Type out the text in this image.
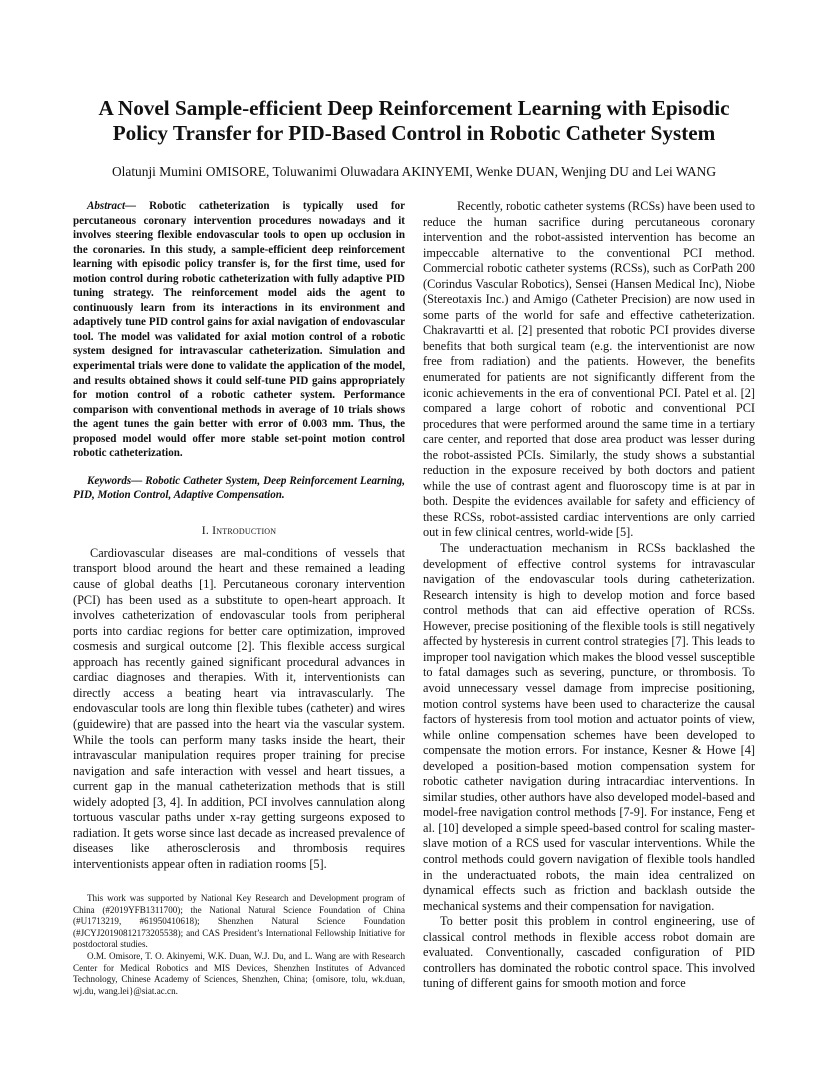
A Novel Sample-efficient Deep Reinforcement Learning with Episodic Policy Transfer for PID-Based Control in Robotic Catheter System
Olatunji Mumini OMISORE, Toluwanimi Oluwadara AKINYEMI, Wenke DUAN, Wenjing DU and Lei WANG

Abstract— Robotic catheterization is typically used for percutaneous coronary intervention procedures nowadays and it involves steering flexible endovascular tools to open up occlusion in the coronaries. In this study, a sample-efficient deep reinforcement learning with episodic policy transfer is, for the first time, used for motion control during robotic catheterization with fully adaptive PID tuning strategy. The reinforcement model aids the agent to continuously learn from its interactions in its environment and adaptively tune PID control gains for axial navigation of endovascular tool. The model was validated for axial motion control of a robotic system designed for intravascular catheterization. Simulation and experimental trials were done to validate the application of the model, and results obtained shows it could self-tune PID gains appropriately for motion control of a robotic catheter system. Performance comparison with conventional methods in average of 10 trials shows the agent tunes the gain better with error of 0.003 mm. Thus, the proposed model would offer more stable set-point motion control robotic catheterization.

Keywords— Robotic Catheter System, Deep Reinforcement Learning, PID, Motion Control, Adaptive Compensation.

I. Introduction

Cardiovascular diseases are mal-conditions of vessels that transport blood around the heart and these remained a leading cause of global deaths [1]. Percutaneous coronary intervention (PCI) has been used as a substitute to open-heart approach. It involves catheterization of endovascular tools from peripheral ports into cardiac regions for better care optimization, improved cosmesis and surgical outcome [2]. This flexible access surgical approach has recently gained significant procedural advances in cardiac diagnoses and therapies. With it, interventionists can directly access a beating heart via intravascularly. The endovascular tools are long thin flexible tubes (catheter) and wires (guidewire) that are passed into the heart via the vascular system. While the tools can perform many tasks inside the heart, their intravascular manipulation requires proper training for precise navigation and safe interaction with vessel and heart tissues, a current gap in the manual catheterization methods that is still widely adopted [3, 4]. In addition, PCI involves cannulation along tortuous vascular paths under x-ray getting surgeons exposed to radiation. It gets worse since last decade as increased prevalence of diseases like atherosclerosis and thrombosis requires interventionists appear often in radiation rooms [5].

This work was supported by National Key Research and Development program of China (#2019YFB1311700); the National Natural Science Foundation of China (#U1713219, #61950410618); Shenzhen Natural Science Foundation (#JCYJ20190812173205538); and CAS President’s International Fellowship Initiative for postdoctoral studies.

O.M. Omisore, T. O. Akinyemi, W.K. Duan, W.J. Du, and L. Wang are with Research Center for Medical Robotics and MIS Devices, Shenzhen Institutes of Advanced Technology, Chinese Academy of Sciences, Shenzhen, China; {omisore, tolu, wk.duan, wj.du, wang.lei}@siat.ac.cn.

Recently, robotic catheter systems (RCSs) have been used to reduce the human sacrifice during percutaneous coronary intervention and the robot-assisted intervention has become an impeccable alternative to the conventional PCI method. Commercial robotic catheter systems (RCSs), such as CorPath 200 (Corindus Vascular Robotics), Sensei (Hansen Medical Inc), Niobe (Stereotaxis Inc.) and Amigo (Catheter Precision) are now used in some parts of the world for safe and effective catheterization. Chakravartti et al. [2] presented that robotic PCI provides diverse benefits that both surgical team (e.g. the interventionist are now free from radiation) and the patients. However, the benefits enumerated for patients are not significantly different from the iconic achievements in the era of conventional PCI. Patel et al. [2] compared a large cohort of robotic and conventional PCI procedures that were performed around the same time in a tertiary care center, and reported that dose area product was lesser during the robot-assisted PCIs. Similarly, the study shows a substantial reduction in the exposure received by both doctors and patient while the use of contrast agent and fluoroscopy time is at par in both. Despite the evidences available for safety and efficiency of these RCSs, robot-assisted cardiac interventions are only carried out in few clinical centres, world-wide [5].

The underactuation mechanism in RCSs backlashed the development of effective control systems for intravascular navigation of the endovascular tools during catheterization. Research intensity is high to develop motion and force based control methods that can aid effective operation of RCSs. However, precise positioning of the flexible tools is still negatively affected by hysteresis in current control strategies [7]. This leads to improper tool navigation which makes the blood vessel susceptible to fatal damages such as severing, puncture, or thrombosis. To avoid unnecessary vessel damage from imprecise positioning, motion control systems have been used to characterize the causal factors of hysteresis from tool motion and actuator points of view, while online compensation schemes have been developed to compensate the motion errors. For instance, Kesner & Howe [4] developed a position-based motion compensation system for robotic catheter navigation during intracardiac interventions. In similar studies, other authors have also developed model-based and model-free navigation control methods [7-9]. For instance, Feng et al. [10] developed a simple speed-based control for scaling master-slave motion of a RCS used for vascular interventions. While the control methods could govern navigation of flexible tools handled in the underactuated robots, the main idea centralized on dynamical effects such as friction and backlash outside the mechanical systems and their compensation for navigation.

To better posit this problem in control engineering, use of classical control methods in flexible access robot domain are evaluated. Conventionally, cascaded configuration of PID controllers has dominated the robotic control space. This involved tuning of different gains for smooth motion and force
